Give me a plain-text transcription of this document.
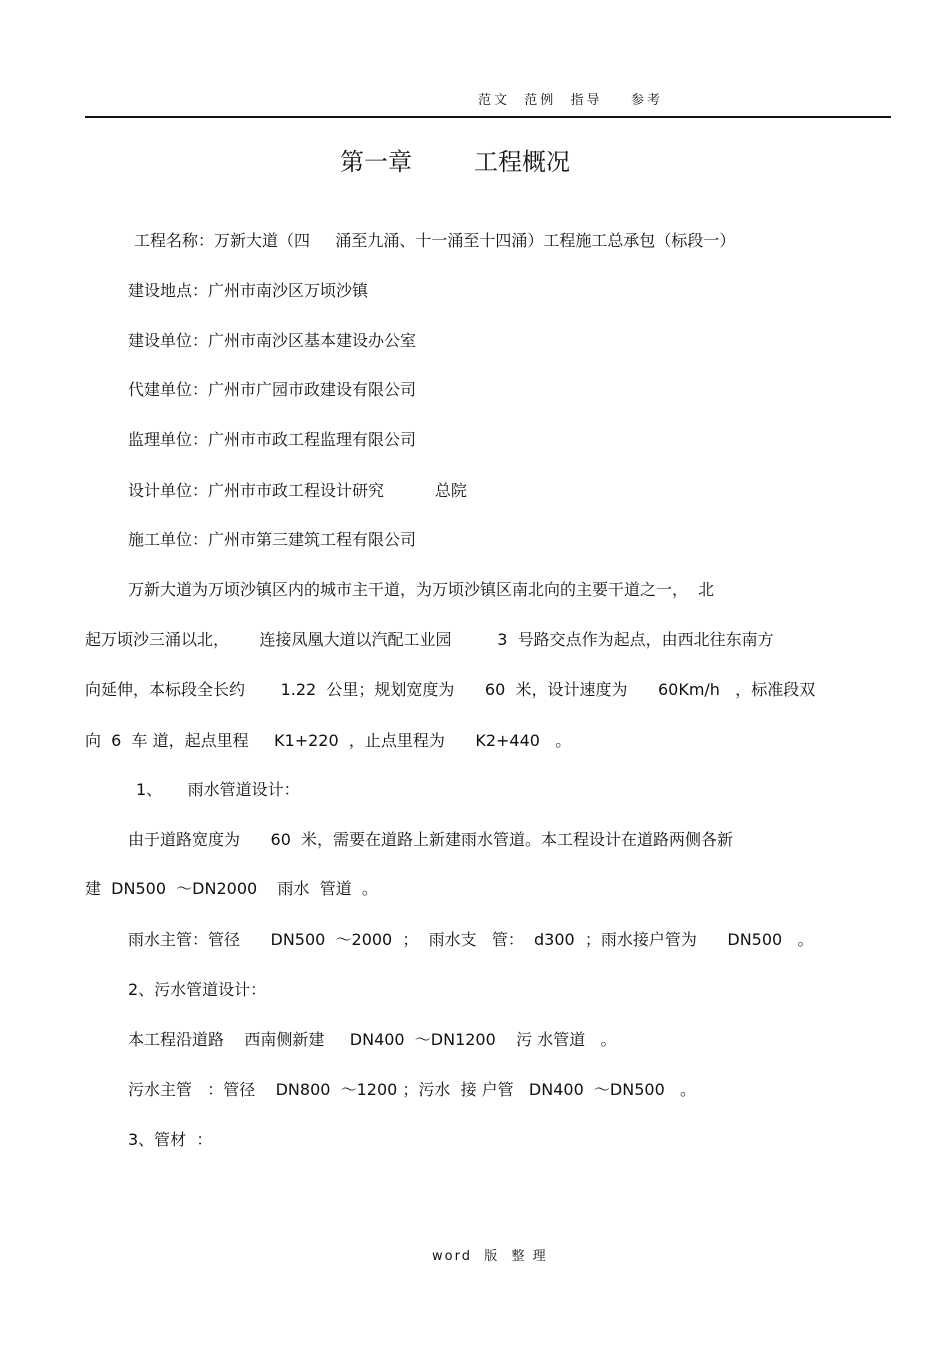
范文  范例  指导    参考
第一章	工程概况
工程名称：万新大道（四     涌至九涌、十一涌至十四涌）工程施工总承包（标段一）
建设地点：广州市南沙区万顷沙镇
建设单位：广州市南沙区基本建设办公室
代建单位：广州市广园市政建设有限公司
监理单位：广州市市政工程监理有限公司
设计单位：广州市市政工程设计研究          总院
施工单位：广州市第三建筑工程有限公司
万新大道为万顷沙镇区内的城市主干道，为万顷沙镇区南北向的主要干道之一，  北
起万顷沙三涌以北，      连接凤凰大道以汽配工业园         3  号路交点作为起点，由西北往东南方
向延伸，本标段全长约       1.22  公里；规划宽度为      60  米，设计速度为      60Km/h   ，标准段双
向  6  车 道，起点里程     K1+220  ，止点里程为      K2+440   。
1、     雨水管道设计：
由于道路宽度为      60  米，需要在道路上新建雨水管道。本工程设计在道路两侧各新
建  DN500  ～DN2000    雨水  管道  。
雨水主管：管径      DN500  ～2000  ；  雨水支   管：  d300  ；雨水接户管为      DN500   。
2、污水管道设计：
本工程沿道路    西南侧新建     DN400  ～DN1200    污 水管道   。
污水主管   ：管径    DN800  ～1200 ；污水  接 户管   DN400  ～DN500   。
3、管材  ：
word  版  整 理
